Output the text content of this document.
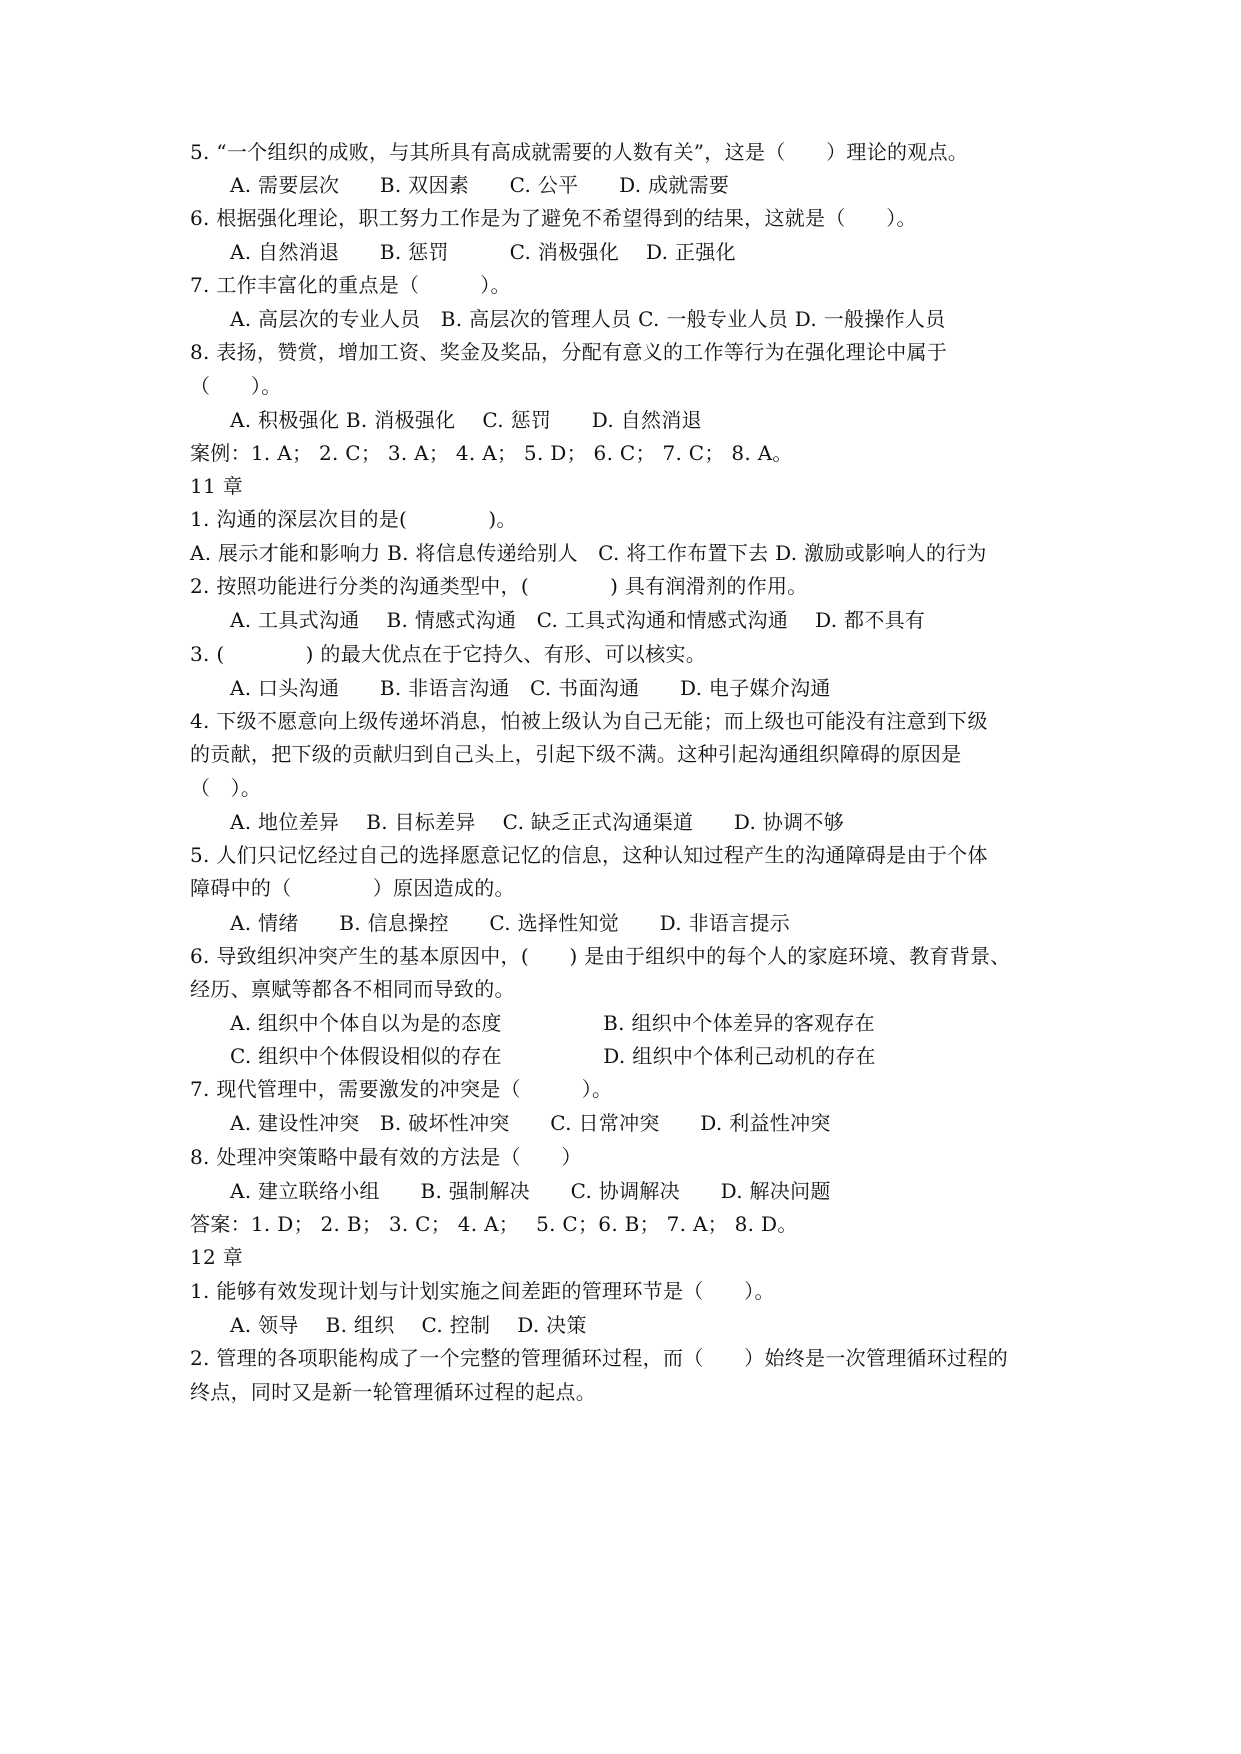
5. “一个组织的成败，与其所具有高成就需要的人数有关”，这是（　　）理论的观点。
A. 需要层次　　B. 双因素　　C. 公平　　D. 成就需要
6. 根据强化理论，职工努力工作是为了避免不希望得到的结果，这就是（　　）。
A. 自然消退　　B. 惩罚　　　C. 消极强化　 D. 正强化
7. 工作丰富化的重点是（　　　）。
A. 高层次的专业人员　B. 高层次的管理人员 C. 一般专业人员 D. 一般操作人员
8. 表扬，赞赏，增加工资、奖金及奖品，分配有意义的工作等行为在强化理论中属于
（　　）。
A. 积极强化 B. 消极强化　 C. 惩罚　　D. 自然消退
案例：1. A； 2. C； 3. A； 4. A； 5. D； 6. C； 7. C； 8. A。
11 章
1. 沟通的深层次目的是(　　　　)。
A. 展示才能和影响力 B. 将信息传递给别人　C. 将工作布置下去 D. 激励或影响人的行为
2. 按照功能进行分类的沟通类型中，(　　　　) 具有润滑剂的作用。
A. 工具式沟通　 B. 情感式沟通　C. 工具式沟通和情感式沟通　 D. 都不具有
3. (　　　　) 的最大优点在于它持久、有形、可以核实。
A. 口头沟通　　B. 非语言沟通　C. 书面沟通　　D. 电子媒介沟通
4. 下级不愿意向上级传递坏消息，怕被上级认为自己无能；而上级也可能没有注意到下级
的贡献，把下级的贡献归到自己头上，引起下级不满。这种引起沟通组织障碍的原因是
（　）。
A. 地位差异　 B. 目标差异　 C. 缺乏正式沟通渠道　　D. 协调不够
5. 人们只记忆经过自己的选择愿意记忆的信息，这种认知过程产生的沟通障碍是由于个体
障碍中的（　　　　）原因造成的。
A. 情绪　　B. 信息操控　　C. 选择性知觉　　D. 非语言提示
6. 导致组织冲突产生的基本原因中，(　　) 是由于组织中的每个人的家庭环境、教育背景、
经历、禀赋等都各不相同而导致的。
A. 组织中个体自以为是的态度　　　　　B. 组织中个体差异的客观存在
C. 组织中个体假设相似的存在　　　　　D. 组织中个体利己动机的存在
7. 现代管理中，需要激发的冲突是（　　　）。
A. 建设性冲突　B. 破坏性冲突　　C. 日常冲突　　D. 利益性冲突
8. 处理冲突策略中最有效的方法是（　　）
A. 建立联络小组　　B. 强制解决　　C. 协调解决　　D. 解决问题
答案：1. D； 2. B； 3. C； 4. A；　 5. C；6. B； 7. A； 8. D。
12 章
1. 能够有效发现计划与计划实施之间差距的管理环节是（　　）。
A. 领导　 B. 组织　 C. 控制　 D. 决策
2. 管理的各项职能构成了一个完整的管理循环过程，而（　　）始终是一次管理循环过程的
终点，同时又是新一轮管理循环过程的起点。
